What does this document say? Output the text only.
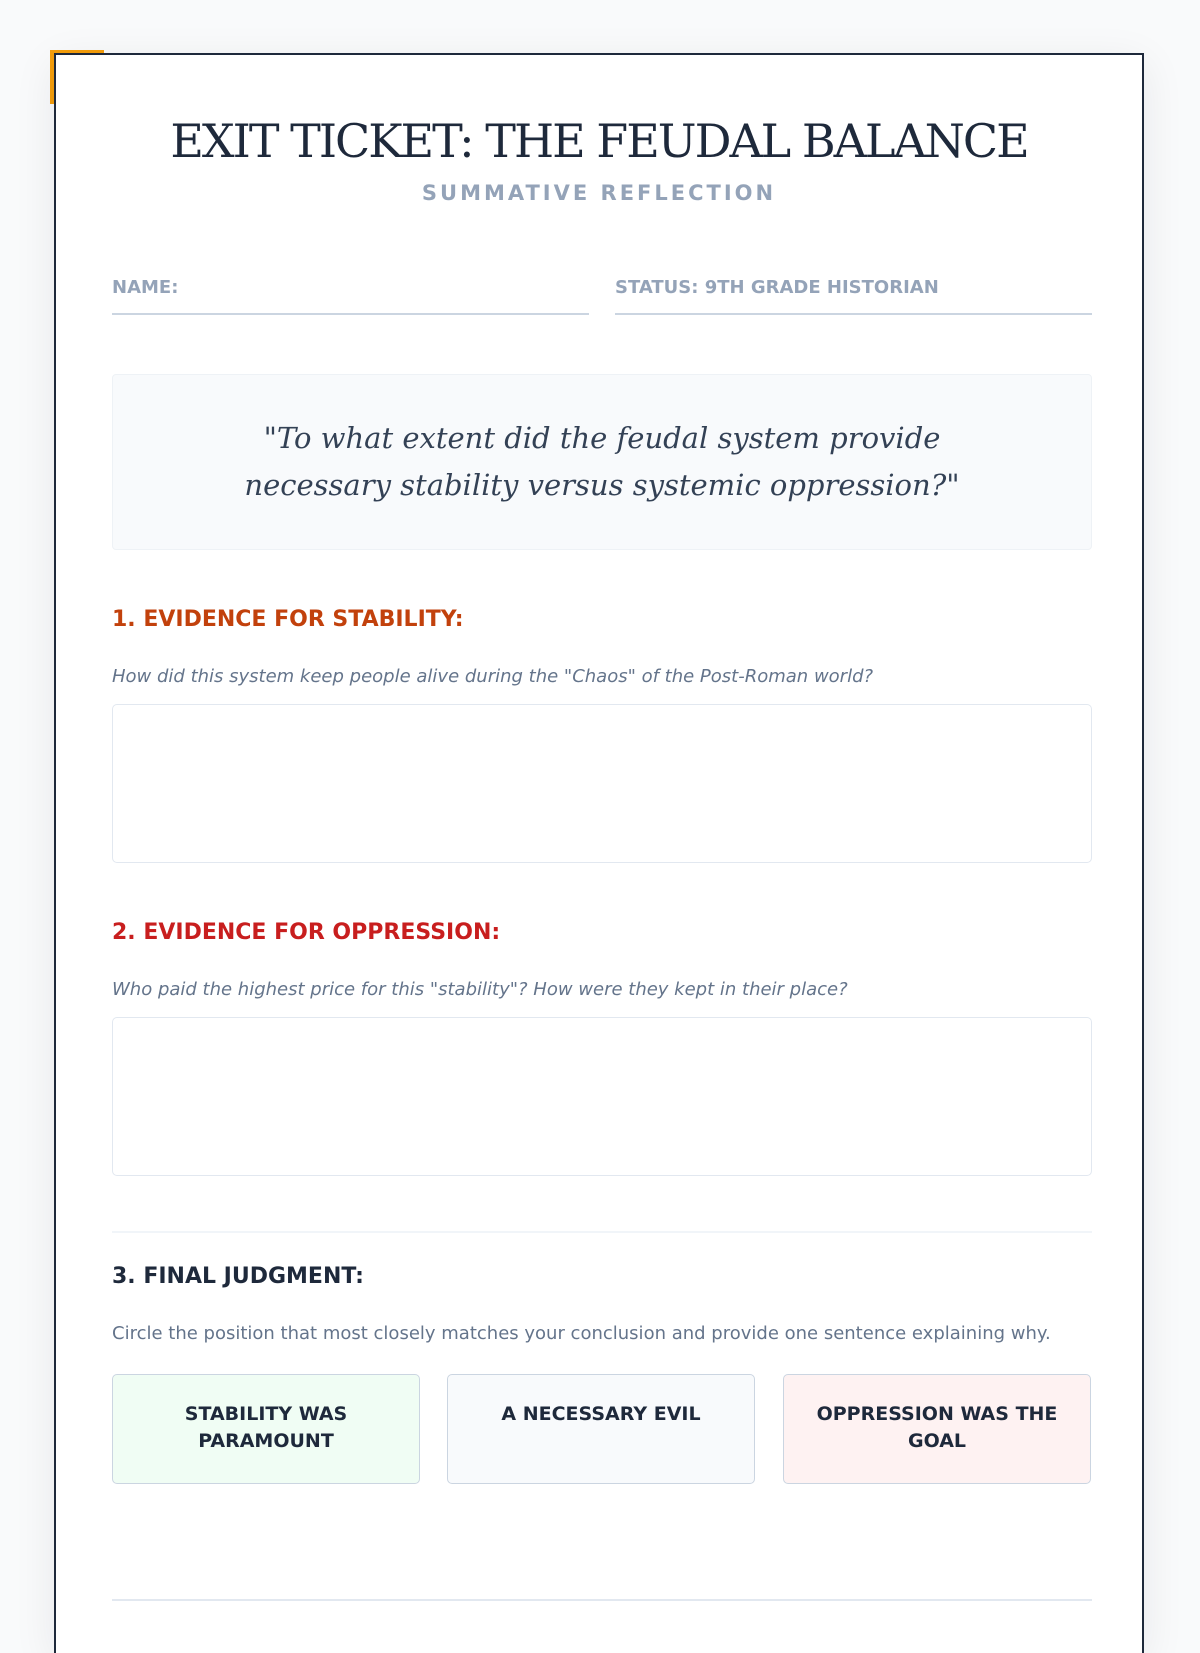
EXIT TICKET: THE FEUDAL BALANCE
SUMMATIVE REFLECTION
NAME:	STATUS: 9TH GRADE HISTORIAN
"To what extent did the feudal system provide necessary stability versus systemic oppression?"
1. EVIDENCE FOR STABILITY:
How did this system keep people alive during the "Chaos" of the Post-Roman world?
2. EVIDENCE FOR OPPRESSION:
Who paid the highest price for this "stability"? How were they kept in their place?
3. FINAL JUDGMENT:
Circle the position that most closely matches your conclusion and provide one sentence explaining why.
STABILITY WAS PARAMOUNT
A NECESSARY EVIL	OPPRESSION WAS THE GOAL
